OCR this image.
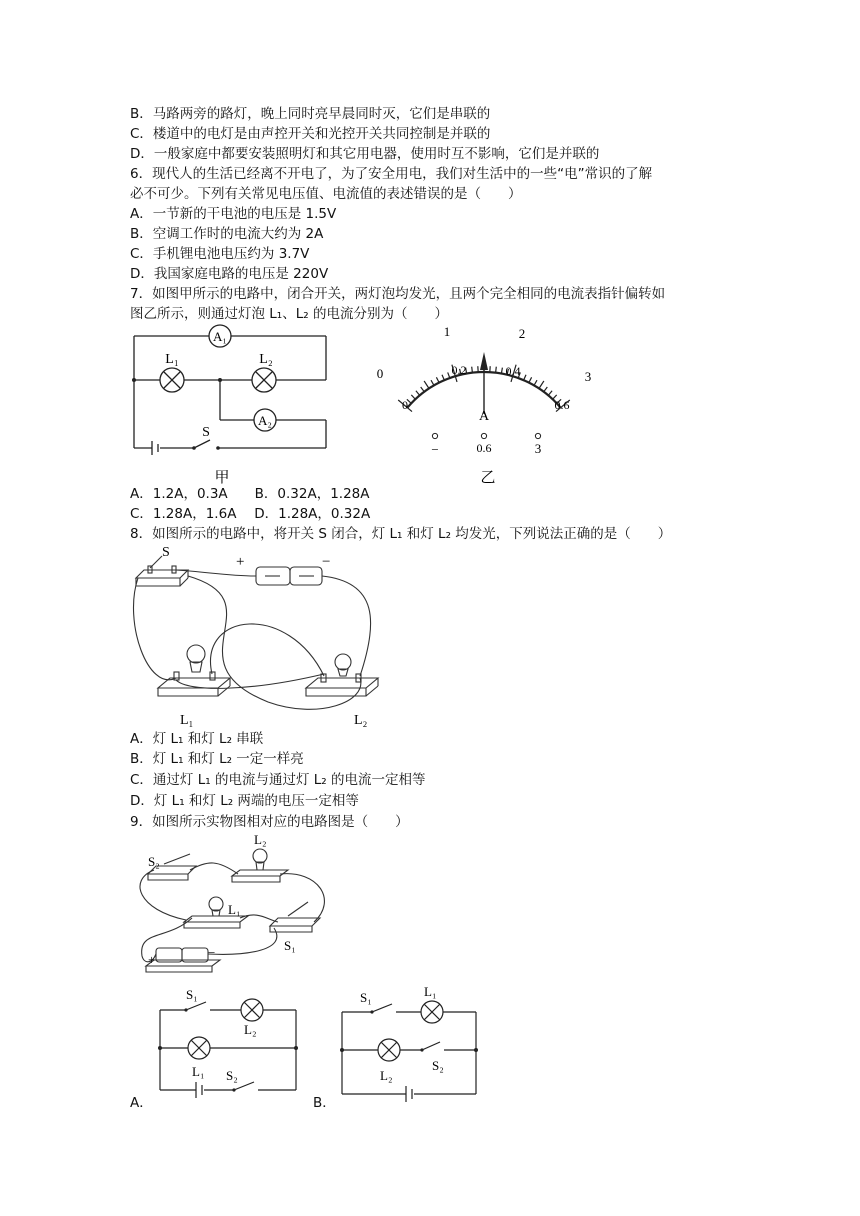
B．马路两旁的路灯，晚上同时亮早晨同时灭，它们是串联的
C．楼道中的电灯是由声控开关和光控开关共同控制是并联的
D．一般家庭中都要安装照明灯和其它用电器，使用时互不影响，它们是并联的
6．现代人的生活已经离不开电了，为了安全用电，我们对生活中的一些“电”常识的了解
必不可少。下列有关常见电压值、电流值的表述错误的是（　　）
A．一节新的干电池的电压是 1.5V
B．空调工作时的电流大约为 2A
C．手机锂电池电压约为 3.7V
D．我国家庭电路的电压是 220V
7．如图甲所示的电路中，闭合开关，两灯泡均发光，且两个完全相同的电流表指针偏转如
图乙所示，则通过灯泡 L₁、L₂ 的电流分别为（　　）
A₁
A₂
L₁	L₂
S
甲
0
1	2
3
0
0.2	0.4
0.6
A
−	0.6	3
乙
A．1.2A，0.3A　　B．0.32A，1.28A
C．1.28A，1.6A　 D．1.28A，0.32A
8．如图所示的电路中，将开关 S 闭合，灯 L₁ 和灯 L₂ 均发光，下列说法正确的是（　　）
S
+	−
L₁	L₂
A．灯 L₁ 和灯 L₂ 串联
B．灯 L₁ 和灯 L₂ 一定一样亮
C．通过灯 L₁ 的电流与通过灯 L₂ 的电流一定相等
D．灯 L₁ 和灯 L₂ 两端的电压一定相等
9．如图所示实物图相对应的电路图是（　　）
S₂
L₂
L₁
S₁
+	−
A．
S₁
L₂
L₁ S₂
B．
S₁	L₁
L₂
S₂
